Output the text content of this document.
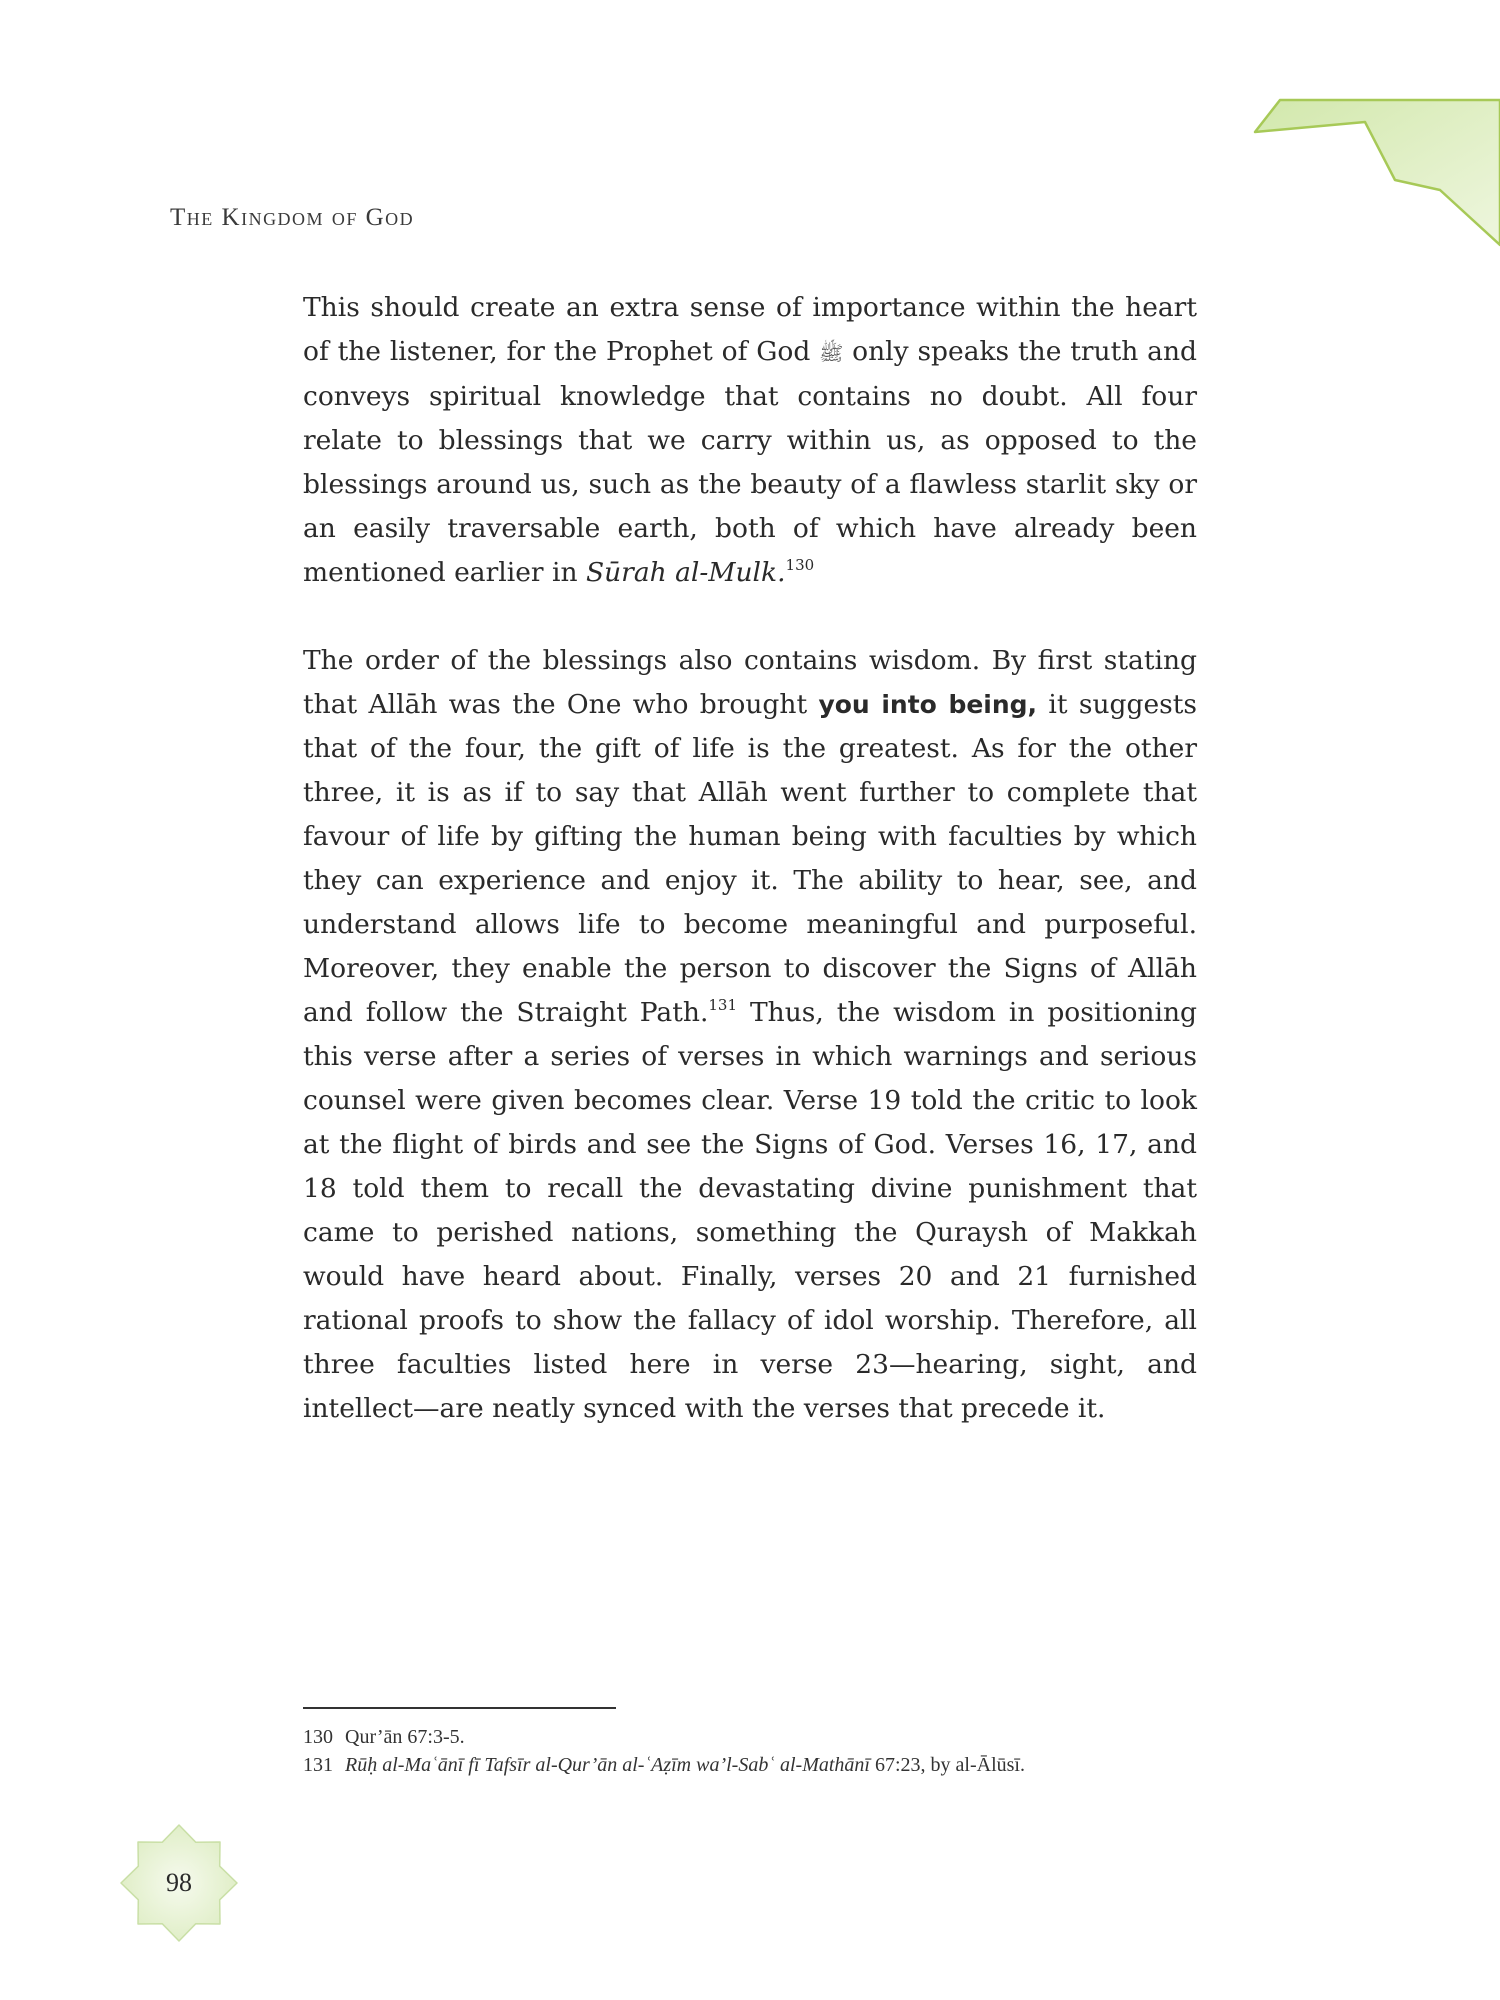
The Kingdom of God

This should create an extra sense of importance within the heart of the listener, for the Prophet of God ﷺ only speaks the truth and conveys spiritual knowledge that contains no doubt. All four relate to blessings that we carry within us, as opposed to the blessings around us, such as the beauty of a flawless starlit sky or an easily traversable earth, both of which have already been mentioned earlier in Sūrah al-Mulk.$^{130}$

The order of the blessings also contains wisdom. By first stating that Allāh was the One who brought you into being, it suggests that of the four, the gift of life is the greatest. As for the other three, it is as if to say that Allāh went further to complete that favour of life by gifting the human being with faculties by which they can experience and enjoy it. The ability to hear, see, and understand allows life to become meaningful and purposeful. Moreover, they enable the person to discover the Signs of Allāh and follow the Straight Path.$^{131}$ Thus, the wisdom in positioning this verse after a series of verses in which warnings and serious counsel were given becomes clear. Verse 19 told the critic to look at the flight of birds and see the Signs of God. Verses 16, 17, and 18 told them to recall the devastating divine punishment that came to perished nations, something the Quraysh of Makkah would have heard about. Finally, verses 20 and 21 furnished rational proofs to show the fallacy of idol worship. Therefore, all three faculties listed here in verse 23—hearing, sight, and intellect—are neatly synced with the verses that precede it.

130 Qur’ān 67:3-5.
131 Rūḥ al-Maʿānī fī Tafsīr al-Qur’ān al-ʿAẓīm wa’l-Sabʿ al-Mathānī 67:23, by al-Ālūsī.
98
